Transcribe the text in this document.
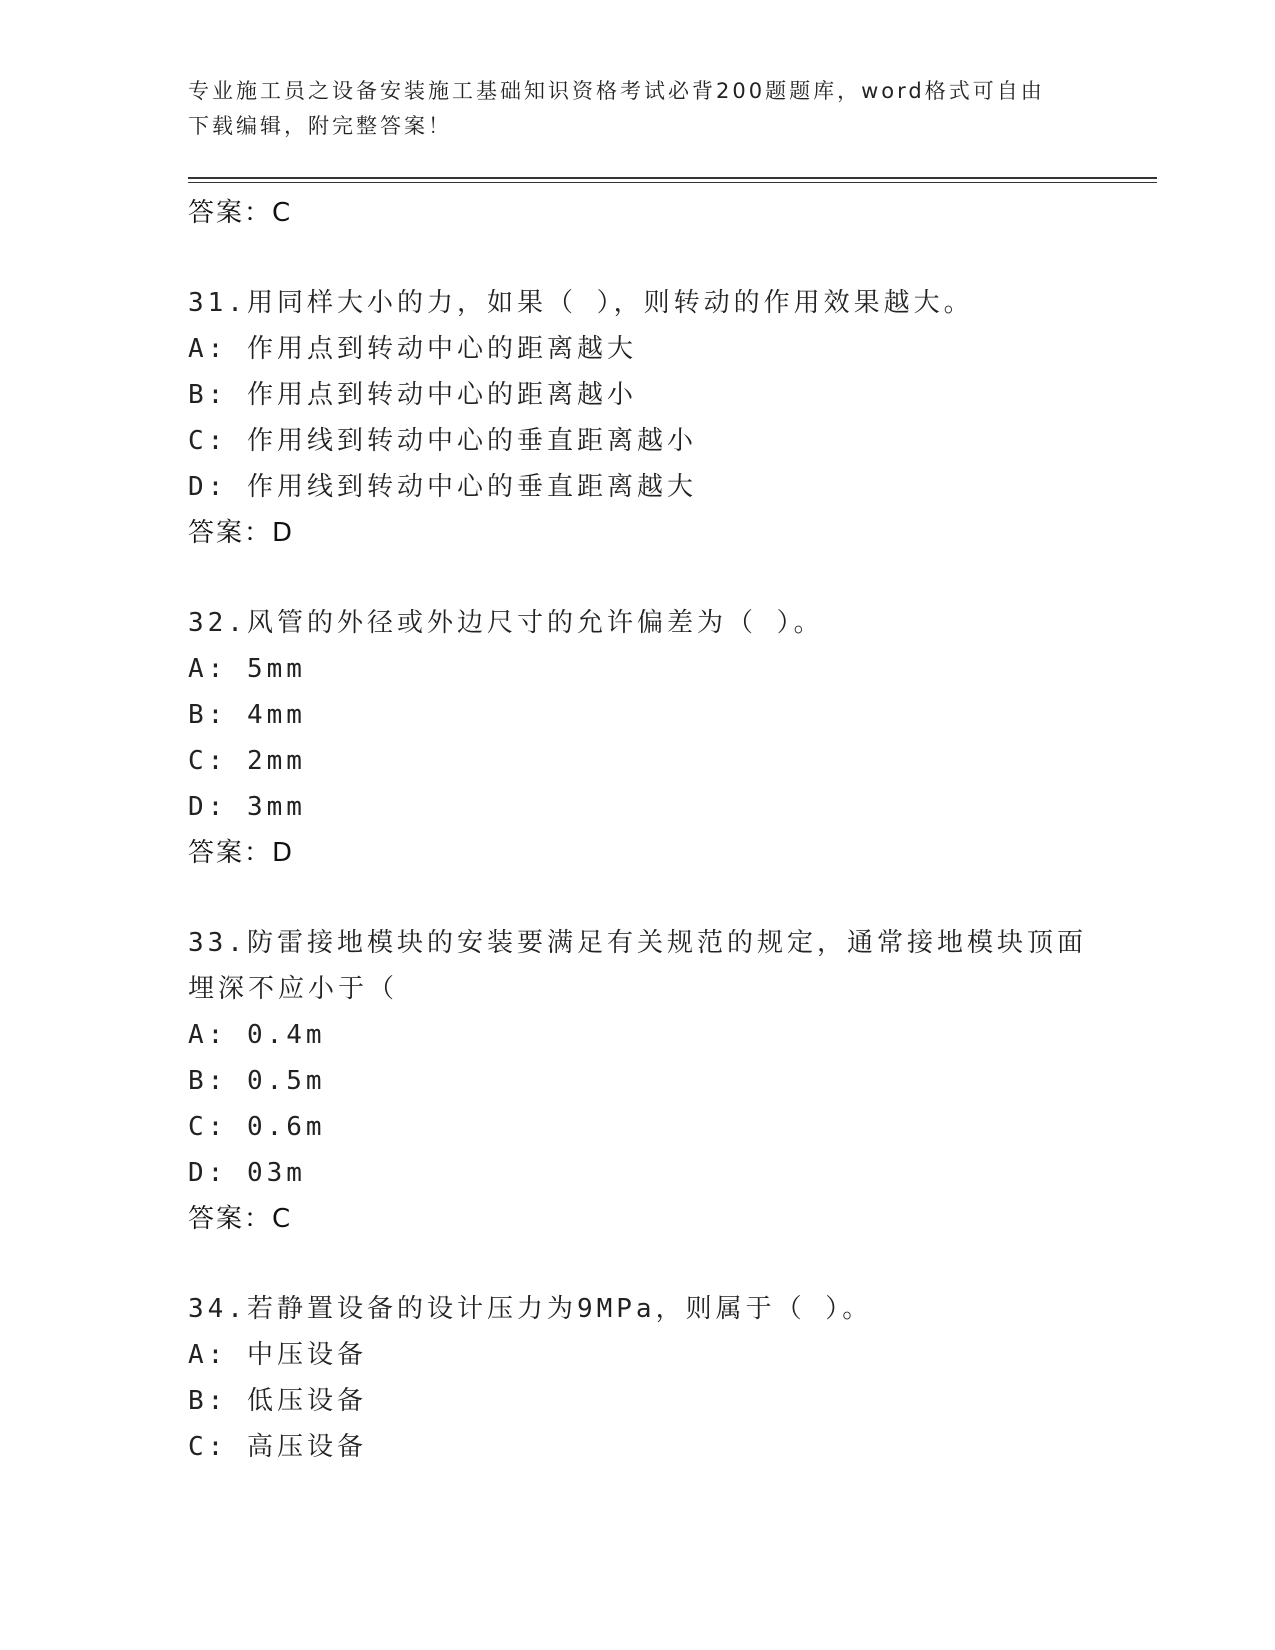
专业施工员之设备安装施工基础知识资格考试必背200题题库，word格式可自由
下载编辑，附完整答案！
答案：C
31.用同样大小的力，如果（ ），则转动的作用效果越大。
A: 作用点到转动中心的距离越大
B: 作用点到转动中心的距离越小
C: 作用线到转动中心的垂直距离越小
D: 作用线到转动中心的垂直距离越大
答案：D
32.风管的外径或外边尺寸的允许偏差为（ ）。
A: 5mm
B: 4mm
C: 2mm
D: 3mm
答案：D
33.防雷接地模块的安装要满足有关规范的规定，通常接地模块顶面埋深不应小于（
A: 0.4m
B: 0.5m
C: 0.6m
D: 03m
答案：C
34.若静置设备的设计压力为9MPa，则属于（ ）。
A: 中压设备
B: 低压设备
C: 高压设备
